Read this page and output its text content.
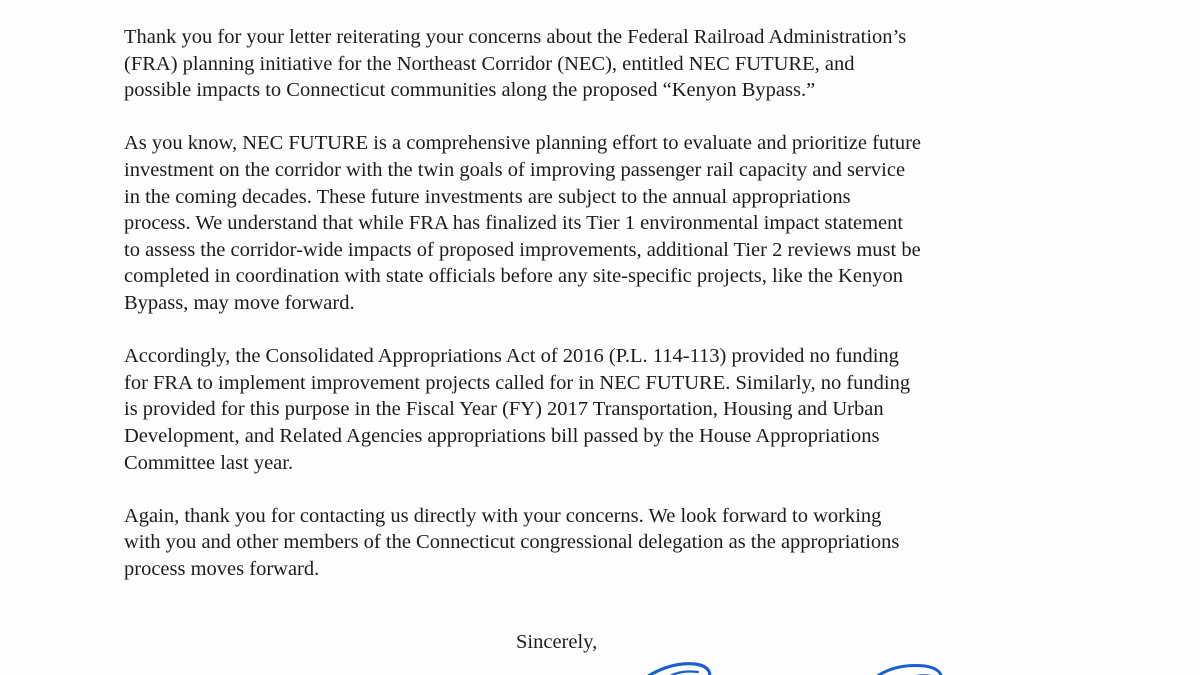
Thank you for your letter reiterating your concerns about the Federal Railroad Administration’s
(FRA) planning initiative for the Northeast Corridor (NEC), entitled NEC FUTURE, and
possible impacts to Connecticut communities along the proposed “Kenyon Bypass.”

As you know, NEC FUTURE is a comprehensive planning effort to evaluate and prioritize future
investment on the corridor with the twin goals of improving passenger rail capacity and service
in the coming decades. These future investments are subject to the annual appropriations
process. We understand that while FRA has finalized its Tier 1 environmental impact statement
to assess the corridor-wide impacts of proposed improvements, additional Tier 2 reviews must be
completed in coordination with state officials before any site-specific projects, like the Kenyon
Bypass, may move forward.

Accordingly, the Consolidated Appropriations Act of 2016 (P.L. 114-113) provided no funding
for FRA to implement improvement projects called for in NEC FUTURE. Similarly, no funding
is provided for this purpose in the Fiscal Year (FY) 2017 Transportation, Housing and Urban
Development, and Related Agencies appropriations bill passed by the House Appropriations
Committee last year.

Again, thank you for contacting us directly with your concerns. We look forward to working
with you and other members of the Connecticut congressional delegation as the appropriations
process moves forward.

Sincerely,
